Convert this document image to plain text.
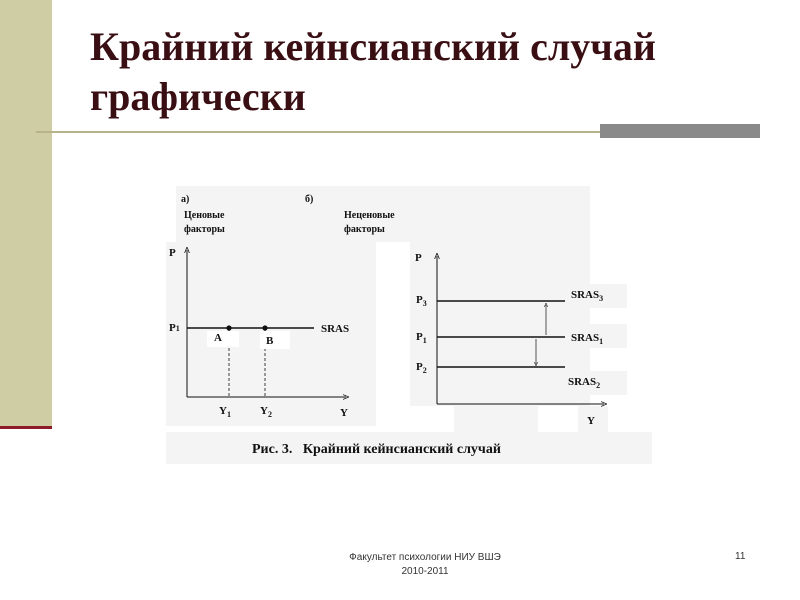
Крайний кейнсианский случай графически
а)	б)
Ценовые
факторы
Неценовые
факторы
P
P1
A	B
$Y_1$	$Y_2$	Y
SRAS
P
$P_3$
$P_1$
$P_2$
Y
$SRAS_3$
$SRAS_1$
$SRAS_2$
Рис. 3.   Крайний кейнсианский случай
Факультет психологии НИУ ВШЭ
2010-2011
11
